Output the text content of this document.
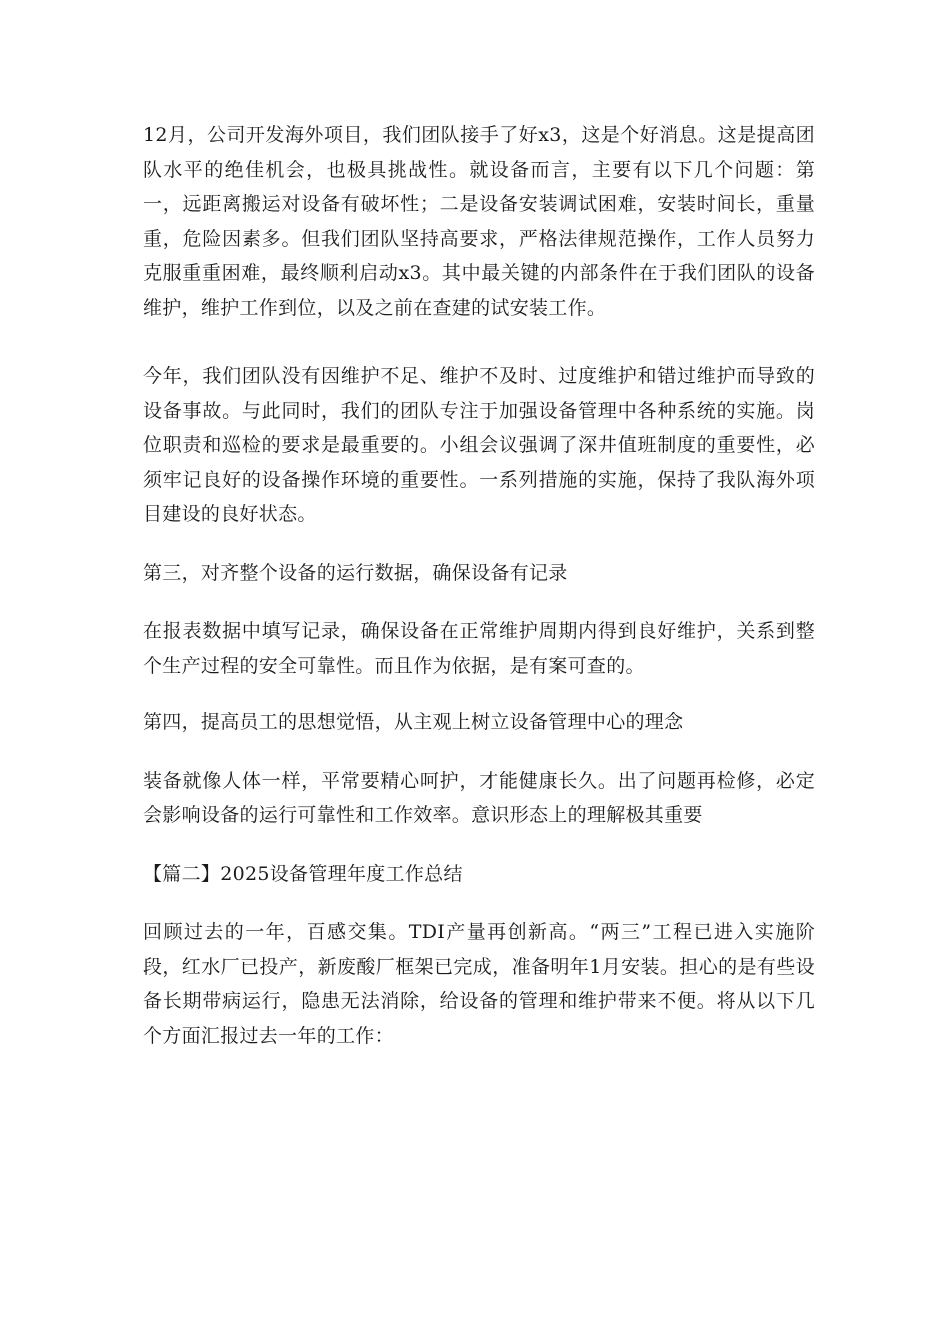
12月，公司开发海外项目，我们团队接手了好x3，这是个好消息。这是提高团队水平的绝佳机会，也极具挑战性。就设备而言，主要有以下几个问题：第一，远距离搬运对设备有破坏性；二是设备安装调试困难，安装时间长，重量重，危险因素多。但我们团队坚持高要求，严格法律规范操作，工作人员努力克服重重困难，最终顺利启动x3。其中最关键的内部条件在于我们团队的设备维护，维护工作到位，以及之前在查建的试安装工作。

今年，我们团队没有因维护不足、维护不及时、过度维护和错过维护而导致的设备事故。与此同时，我们的团队专注于加强设备管理中各种系统的实施。岗位职责和巡检的要求是最重要的。小组会议强调了深井值班制度的重要性，必须牢记良好的设备操作环境的重要性。一系列措施的实施，保持了我队海外项目建设的良好状态。

第三，对齐整个设备的运行数据，确保设备有记录

在报表数据中填写记录，确保设备在正常维护周期内得到良好维护，关系到整个生产过程的安全可靠性。而且作为依据，是有案可查的。

第四，提高员工的思想觉悟，从主观上树立设备管理中心的理念

装备就像人体一样，平常要精心呵护，才能健康长久。出了问题再检修，必定会影响设备的运行可靠性和工作效率。意识形态上的理解极其重要

【篇二】2025设备管理年度工作总结

回顾过去的一年，百感交集。TDI产量再创新高。“两三”工程已进入实施阶段，红水厂已投产，新废酸厂框架已完成，准备明年1月安装。担心的是有些设备长期带病运行，隐患无法消除，给设备的管理和维护带来不便。将从以下几个方面汇报过去一年的工作：
